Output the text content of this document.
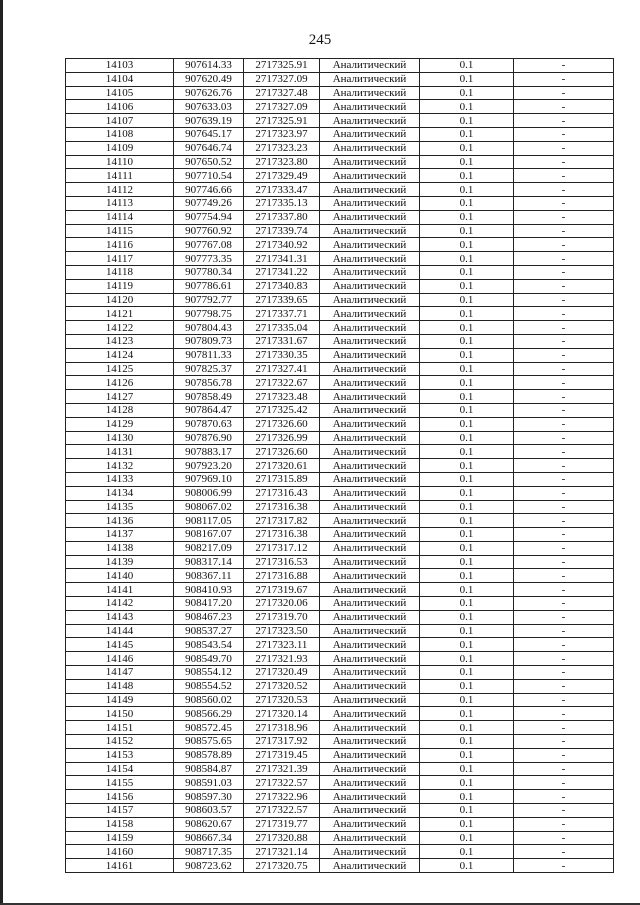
245
14103	907614.33	2717325.91	Аналитический	0.1	-
14104	907620.49	2717327.09	Аналитический	0.1	-
14105	907626.76	2717327.48	Аналитический	0.1	-
14106	907633.03	2717327.09	Аналитический	0.1	-
14107	907639.19	2717325.91	Аналитический	0.1	-
14108	907645.17	2717323.97	Аналитический	0.1	-
14109	907646.74	2717323.23	Аналитический	0.1	-
14110	907650.52	2717323.80	Аналитический	0.1	-
14111	907710.54	2717329.49	Аналитический	0.1	-
14112	907746.66	2717333.47	Аналитический	0.1	-
14113	907749.26	2717335.13	Аналитический	0.1	-
14114	907754.94	2717337.80	Аналитический	0.1	-
14115	907760.92	2717339.74	Аналитический	0.1	-
14116	907767.08	2717340.92	Аналитический	0.1	-
14117	907773.35	2717341.31	Аналитический	0.1	-
14118	907780.34	2717341.22	Аналитический	0.1	-
14119	907786.61	2717340.83	Аналитический	0.1	-
14120	907792.77	2717339.65	Аналитический	0.1	-
14121	907798.75	2717337.71	Аналитический	0.1	-
14122	907804.43	2717335.04	Аналитический	0.1	-
14123	907809.73	2717331.67	Аналитический	0.1	-
14124	907811.33	2717330.35	Аналитический	0.1	-
14125	907825.37	2717327.41	Аналитический	0.1	-
14126	907856.78	2717322.67	Аналитический	0.1	-
14127	907858.49	2717323.48	Аналитический	0.1	-
14128	907864.47	2717325.42	Аналитический	0.1	-
14129	907870.63	2717326.60	Аналитический	0.1	-
14130	907876.90	2717326.99	Аналитический	0.1	-
14131	907883.17	2717326.60	Аналитический	0.1	-
14132	907923.20	2717320.61	Аналитический	0.1	-
14133	907969.10	2717315.89	Аналитический	0.1	-
14134	908006.99	2717316.43	Аналитический	0.1	-
14135	908067.02	2717316.38	Аналитический	0.1	-
14136	908117.05	2717317.82	Аналитический	0.1	-
14137	908167.07	2717316.38	Аналитический	0.1	-
14138	908217.09	2717317.12	Аналитический	0.1	-
14139	908317.14	2717316.53	Аналитический	0.1	-
14140	908367.11	2717316.88	Аналитический	0.1	-
14141	908410.93	2717319.67	Аналитический	0.1	-
14142	908417.20	2717320.06	Аналитический	0.1	-
14143	908467.23	2717319.70	Аналитический	0.1	-
14144	908537.27	2717323.50	Аналитический	0.1	-
14145	908543.54	2717323.11	Аналитический	0.1	-
14146	908549.70	2717321.93	Аналитический	0.1	-
14147	908554.12	2717320.49	Аналитический	0.1	-
14148	908554.52	2717320.52	Аналитический	0.1	-
14149	908560.02	2717320.53	Аналитический	0.1	-
14150	908566.29	2717320.14	Аналитический	0.1	-
14151	908572.45	2717318.96	Аналитический	0.1	-
14152	908575.65	2717317.92	Аналитический	0.1	-
14153	908578.89	2717319.45	Аналитический	0.1	-
14154	908584.87	2717321.39	Аналитический	0.1	-
14155	908591.03	2717322.57	Аналитический	0.1	-
14156	908597.30	2717322.96	Аналитический	0.1	-
14157	908603.57	2717322.57	Аналитический	0.1	-
14158	908620.67	2717319.77	Аналитический	0.1	-
14159	908667.34	2717320.88	Аналитический	0.1	-
14160	908717.35	2717321.14	Аналитический	0.1	-
14161	908723.62	2717320.75	Аналитический	0.1	-
